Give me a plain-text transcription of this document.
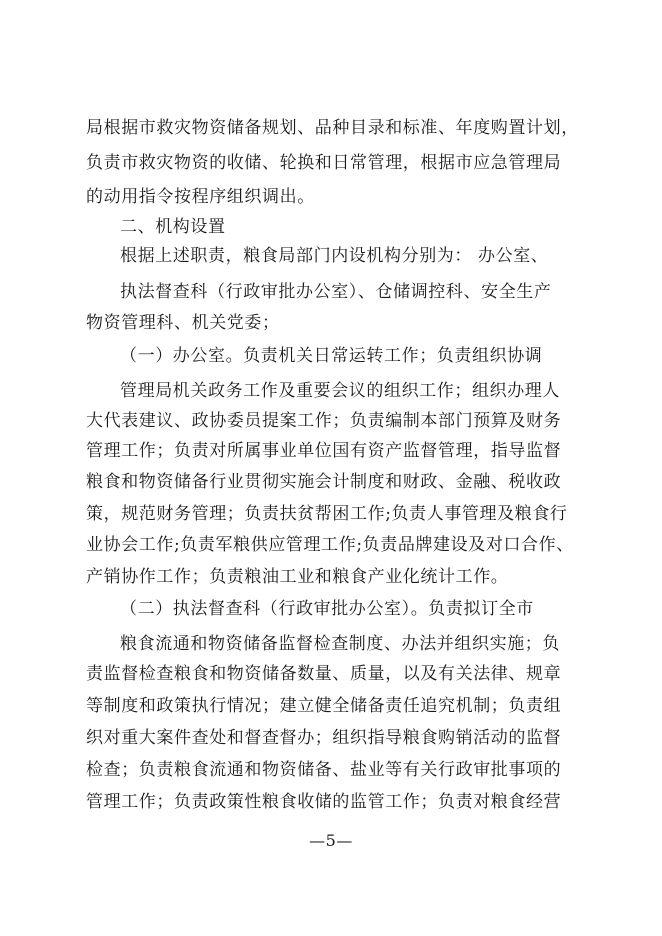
局根据市救灾物资储备规划、品种目录和标准、年度购置计划，
负责市救灾物资的收储、轮换和日常管理，根据市应急管理局
的动用指令按程序组织调出。
二、机构设置
根据上述职责，粮食局部门内设机构分别为： 办公室、
执法督查科（行政审批办公室）、仓储调控科、安全生产
物资管理科、机关党委；
（一）办公室。负责机关日常运转工作；负责组织协调
管理局机关政务工作及重要会议的组织工作；组织办理人
大代表建议、政协委员提案工作；负责编制本部门预算及财务
管理工作；负责对所属事业单位国有资产监督管理，指导监督
粮食和物资储备行业贯彻实施会计制度和财政、金融、税收政
策，规范财务管理；负责扶贫帮困工作;负责人事管理及粮食行
业协会工作;负责军粮供应管理工作;负责品牌建设及对口合作、
产销协作工作；负责粮油工业和粮食产业化统计工作。
（二）执法督查科（行政审批办公室）。负责拟订全市
粮食流通和物资储备监督检查制度、办法并组织实施；负
责监督检查粮食和物资储备数量、质量，以及有关法律、规章
等制度和政策执行情况；建立健全储备责任追究机制；负责组
织对重大案件查处和督查督办；组织指导粮食购销活动的监督
检查；负责粮食流通和物资储备、盐业等有关行政审批事项的
管理工作；负责政策性粮食收储的监管工作；负责对粮食经营
—5—
